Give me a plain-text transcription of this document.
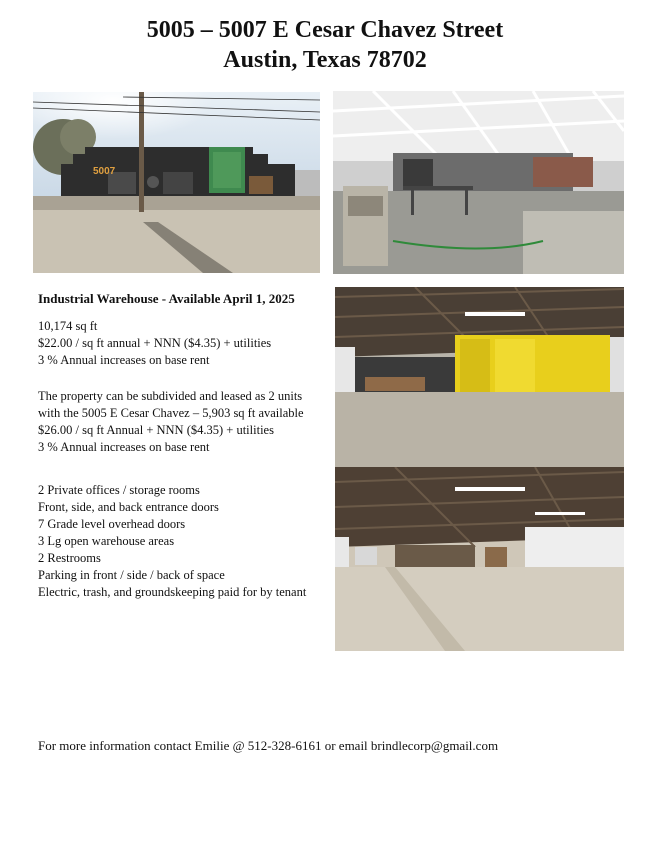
5005 – 5007 E Cesar Chavez Street
Austin, Texas 78702
5007
Industrial Warehouse - Available April 1, 2025
10,174 sq ft
$22.00 / sq ft annual + NNN ($4.35) + utilities
3 % Annual increases on base rent
The property can be subdivided and leased as 2 units
with the 5005 E Cesar Chavez – 5,903 sq ft available
$26.00 / sq ft Annual + NNN ($4.35) + utilities
3 % Annual increases on base rent
2 Private offices / storage rooms
Front, side, and back entrance doors
7 Grade level overhead doors
3 Lg open warehouse areas
2 Restrooms
Parking in front / side / back of space
Electric, trash, and groundskeeping paid for by tenant
For more information contact Emilie @ 512-328-6161 or email brindlecorp@gmail.com
